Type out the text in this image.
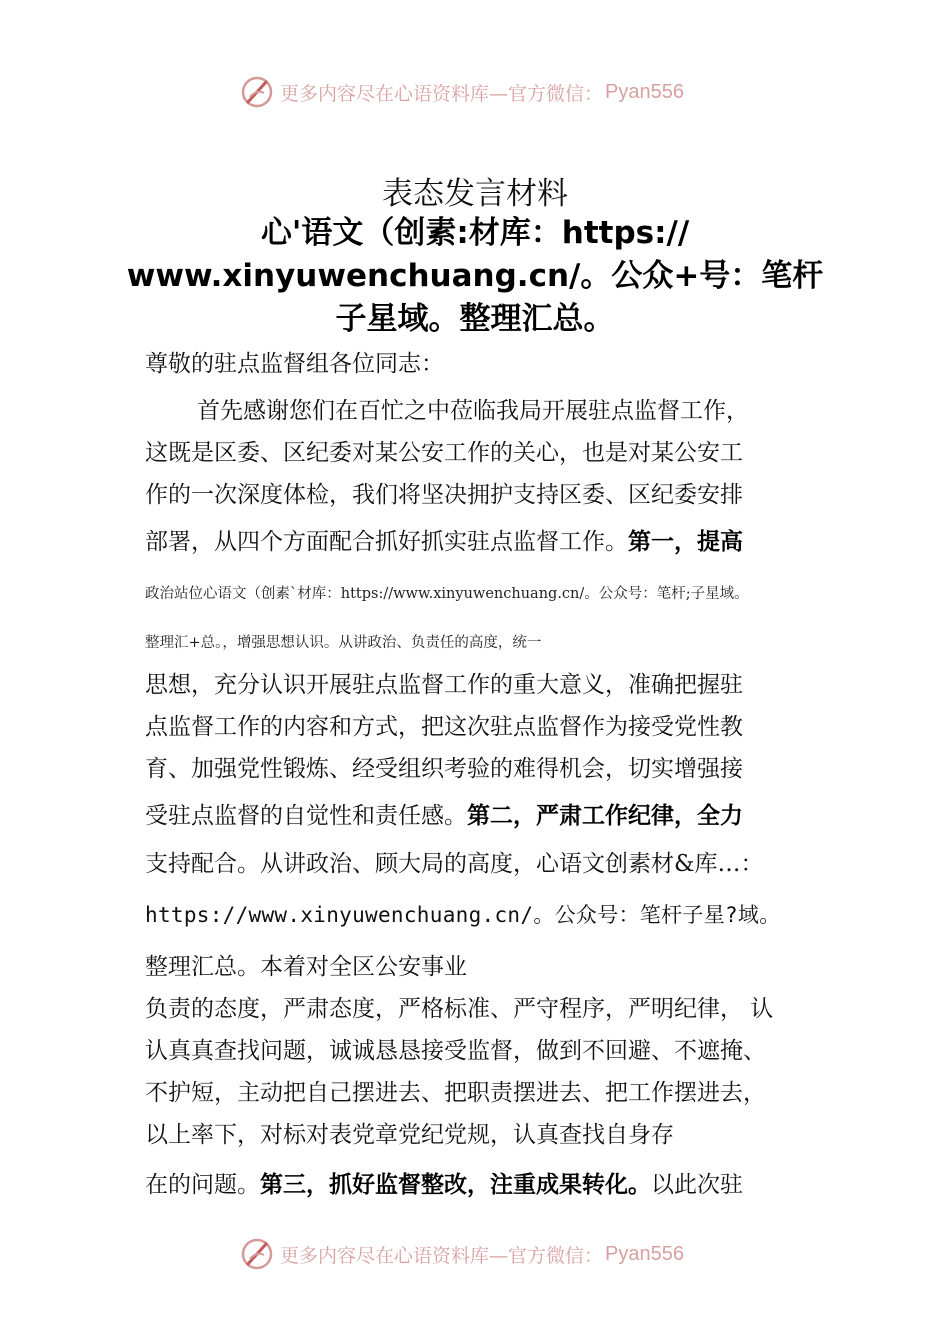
更多内容尽在心语资料库—官方微信： Pyan556
表态发言材料
心'语文（创素:材库：https://
www.xinyuwenchuang.cn/。公众+号：笔杆
子星域。整理汇总。
尊敬的驻点监督组各位同志：
首先感谢您们在百忙之中莅临我局开展驻点监督工作，
这既是区委、区纪委对某公安工作的关心，也是对某公安工
作的一次深度体检，我们将坚决拥护支持区委、区纪委安排
部署，从四个方面配合抓好抓实驻点监督工作。第一，提高
政治站位心语文（创素`材库：https://www.xinyuwenchuang.cn/。公众号：笔杆;子星域。
整理汇+总。，增强思想认识。从讲政治、负责任的高度，统一
思想，充分认识开展驻点监督工作的重大意义，准确把握驻
点监督工作的内容和方式，把这次驻点监督作为接受党性教
育、加强党性锻炼、经受组织考验的难得机会，切实增强接
受驻点监督的自觉性和责任感。第二，严肃工作纪律，全力
支持配合。从讲政治、顾大局的高度，心语文创素材&库…：
https://www.xinyuwenchuang.cn/。公众号：笔杆子星?域。
整理汇总。本着对全区公安事业
负责的态度，严肃态度，严格标准、严守程序，严明纪律， 认
认真真查找问题，诚诚恳恳接受监督，做到不回避、不遮掩、
不护短，主动把自己摆进去、把职责摆进去、把工作摆进去，
以上率下，对标对表党章党纪党规，认真查找自身存
在的问题。第三，抓好监督整改，注重成果转化。以此次驻
更多内容尽在心语资料库—官方微信： Pyan556
